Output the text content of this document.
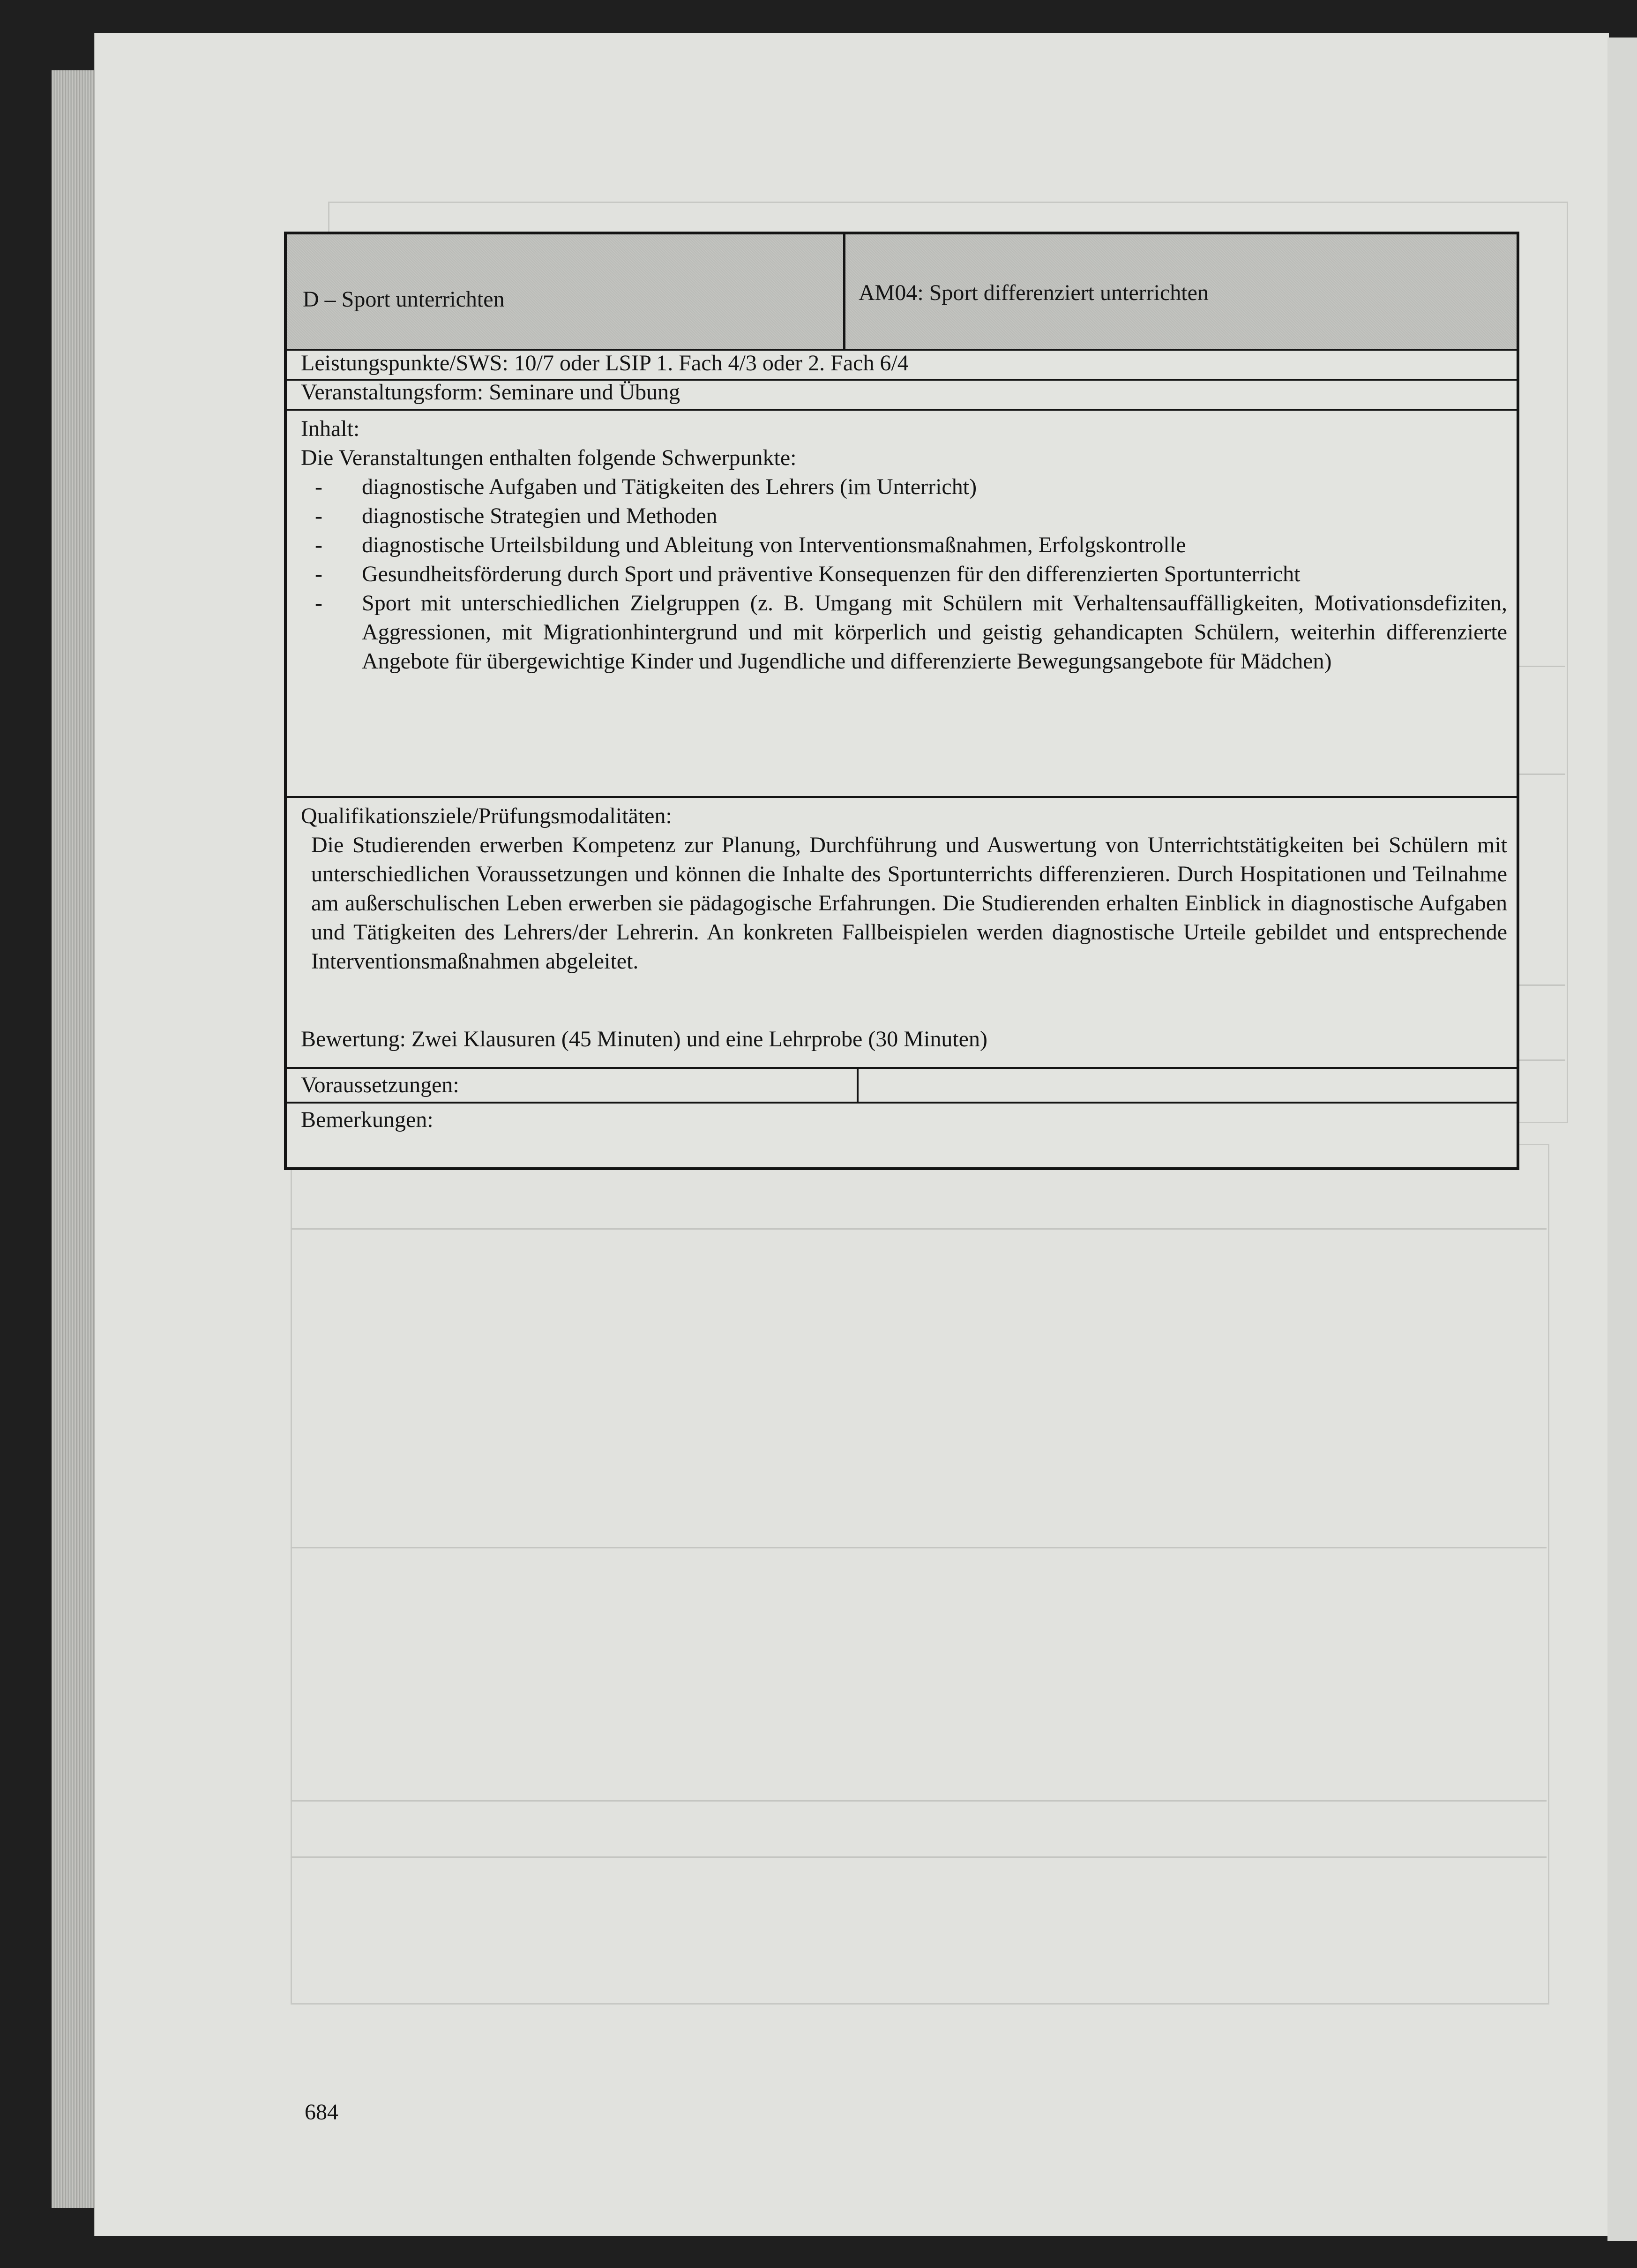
D – Sport unterrichten	AM04: Sport differenziert unterrichten
Leistungspunkte/SWS: 10/7 oder LSIP 1. Fach 4/3 oder 2. Fach 6/4
Veranstaltungsform: Seminare und Übung
Inhalt:
Die Veranstaltungen enthalten folgende Schwerpunkte:
- diagnostische Aufgaben und Tätigkeiten des Lehrers (im Unterricht)
- diagnostische Strategien und Methoden
- diagnostische Urteilsbildung und Ableitung von Interventionsmaßnahmen, Erfolgskontrolle
- Gesundheitsförderung durch Sport und präventive Konsequenzen für den differenzierten Sportunterricht
- Sport mit unterschiedlichen Zielgruppen (z. B. Umgang mit Schülern mit Verhaltensauffälligkeiten, Motivationsdefiziten, Aggressionen, mit Migrationhintergrund und mit körperlich und geistig gehandicapten Schülern, weiterhin differenzierte Angebote für übergewichtige Kinder und Jugendliche und differenzierte Bewegungsangebote für Mädchen)
Qualifikationsziele/Prüfungsmodalitäten:
Die Studierenden erwerben Kompetenz zur Planung, Durchführung und Auswertung von Unterrichtstätigkeiten bei Schülern mit unterschiedlichen Voraussetzungen und können die Inhalte des Sportunterrichts differenzieren. Durch Hospitationen und Teilnahme am außerschulischen Leben erwerben sie pädagogische Erfahrungen. Die Studierenden erhalten Einblick in diagnostische Aufgaben und Tätigkeiten des Lehrers/der Lehrerin. An konkreten Fallbeispielen werden diagnostische Urteile gebildet und entsprechende Interventionsmaßnahmen abgeleitet.
Bewertung: Zwei Klausuren (45 Minuten) und eine Lehrprobe (30 Minuten)
Voraussetzungen:
Bemerkungen:
684
